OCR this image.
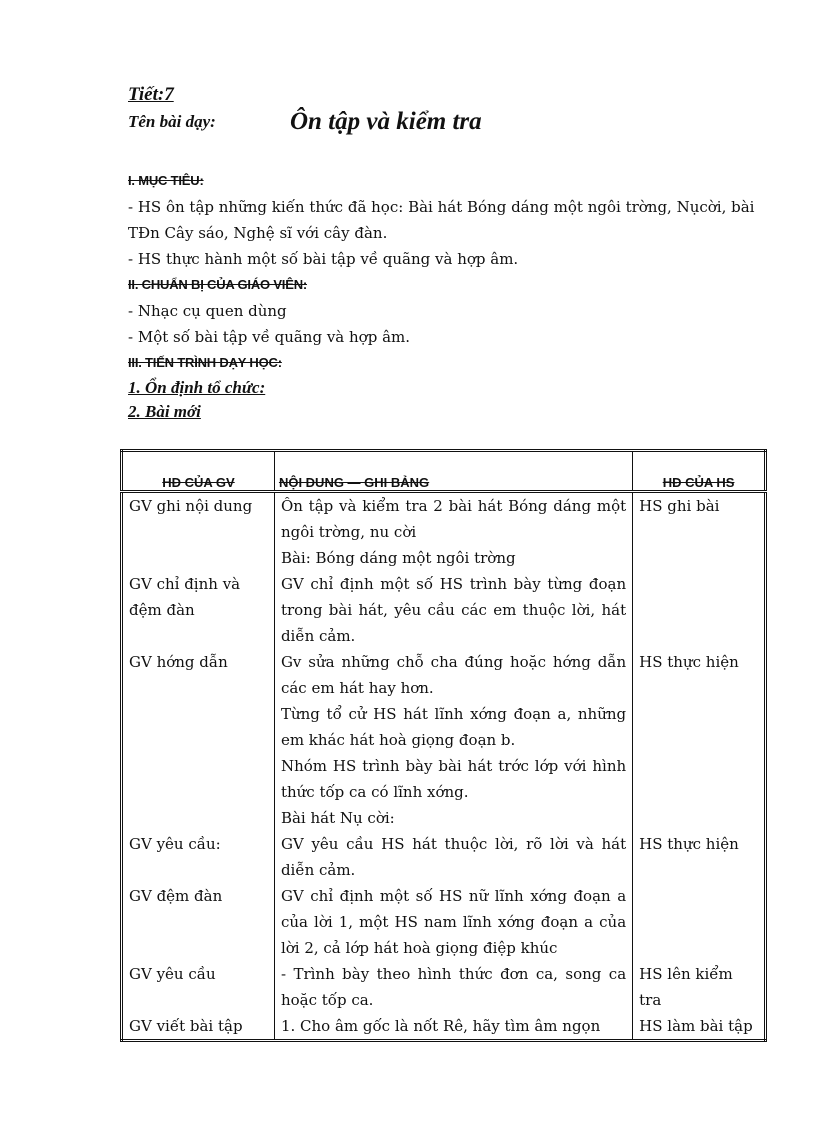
Tiết:7
Tên bài dạy:	Ôn tập và kiểm tra
I. MỤC TIÊU:
- HS ôn tập những kiến thức đã học: Bài hát Bóng dáng một ngôi trờng, Nụcời, bài TĐn Cây sáo, Nghệ sĩ với cây đàn.
- HS thực hành một số bài tập về quãng và hợp âm.
II. CHUẨN BỊ CỦA GIÁO VIÊN:
- Nhạc cụ quen dùng
- Một số bài tập về quãng và hợp âm.
III. TIẾN TRÌNH DẠY HỌC:
1. Ổn định tổ chức:
2. Bài mới
HĐ CỦA GV	NỘI DUNG — GHI BẢNG	HĐ CỦA HS
GV ghi nội dung	Ôn tập và kiểm tra 2 bài hát Bóng dáng một ngôi trờng, nu cời	HS ghi bài
	Bài: Bóng dáng một ngôi trờng	
GV chỉ định và đệm đàn	GV chỉ định một số HS trình bày từng đoạn trong bài hát, yêu cầu các em thuộc lời, hát diễn cảm.	
GV hớng dẫn	Gv sửa những chỗ cha đúng hoặc hớng dẫn các em hát hay hơn.	HS thực hiện
	Từng tổ cử HS hát lĩnh xớng đoạn a, những em khác hát hoà giọng đoạn b.	
	Nhóm HS trình bày bài hát trớc lớp với hình thức tốp ca có lĩnh xớng.	
	Bài hát Nụ cời:	
GV yêu cầu:	GV yêu cầu HS hát thuộc lời, rõ lời và hát diễn cảm.	HS thực hiện
GV đệm đàn	GV chỉ định một số HS nữ lĩnh xớng đoạn a của lời 1, một HS nam lĩnh xớng đoạn a của lời 2, cả lớp hát hoà giọng điệp khúc	
GV yêu cầu	- Trình bày theo hình thức đơn ca, song ca hoặc tốp ca.	HS lên kiểm tra

GV viết bài tập	1. Cho âm gốc là nốt Rê, hãy tìm âm ngọn	HS làm bài tập
